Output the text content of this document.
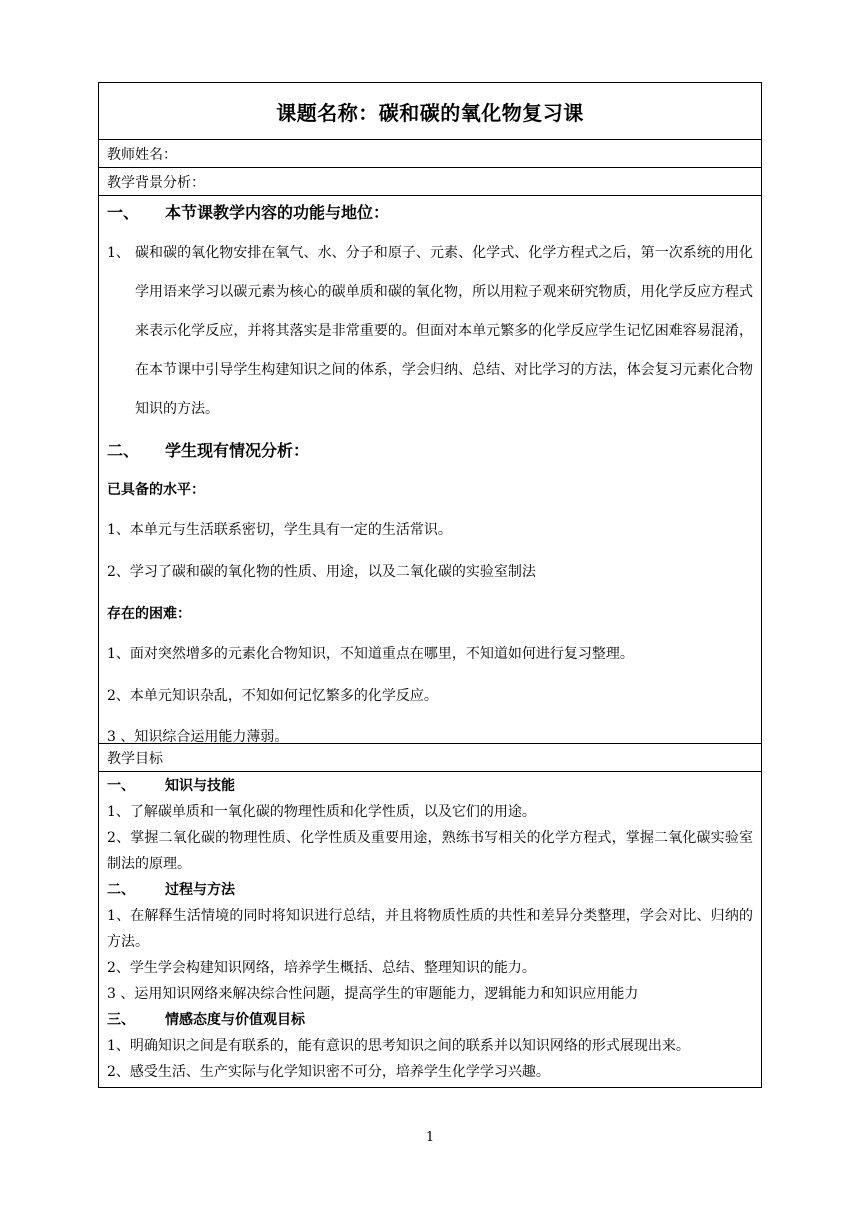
课题名称：碳和碳的氧化物复习课
教师姓名：
教学背景分析：
一、	本节课教学内容的功能与地位：
1、 碳和碳的氧化物安排在氧气、水、分子和原子、元素、化学式、化学方程式之后，第一次系统的用化学用语来学习以碳元素为核心的碳单质和碳的氧化物，所以用粒子观来研究物质，用化学反应方程式来表示化学反应，并将其落实是非常重要的。但面对本单元繁多的化学反应学生记忆困难容易混淆，在本节课中引导学生构建知识之间的体系，学会归纳、总结、对比学习的方法，体会复习元素化合物知识的方法。
二、	学生现有情况分析：
已具备的水平：
1、本单元与生活联系密切，学生具有一定的生活常识。
2、学习了碳和碳的氧化物的性质、用途，以及二氧化碳的实验室制法
存在的困难：
1、面对突然增多的元素化合物知识，不知道重点在哪里，不知道如何进行复习整理。
2、本单元知识杂乱，不知如何记忆繁多的化学反应。
3 、知识综合运用能力薄弱。
教学目标
一、	知识与技能
1、了解碳单质和一氧化碳的物理性质和化学性质，以及它们的用途。
2、掌握二氧化碳的物理性质、化学性质及重要用途，熟练书写相关的化学方程式，掌握二氧化碳实验室制法的原理。
二、	过程与方法
1、在解释生活情境的同时将知识进行总结，并且将物质性质的共性和差异分类整理，学会对比、归纳的方法。
2、学生学会构建知识网络，培养学生概括、总结、整理知识的能力。
3 、运用知识网络来解决综合性问题，提高学生的审题能力，逻辑能力和知识应用能力
三、	情感态度与价值观目标
1、明确知识之间是有联系的，能有意识的思考知识之间的联系并以知识网络的形式展现出来。
2、感受生活、生产实际与化学知识密不可分，培养学生化学学习兴趣。
1
